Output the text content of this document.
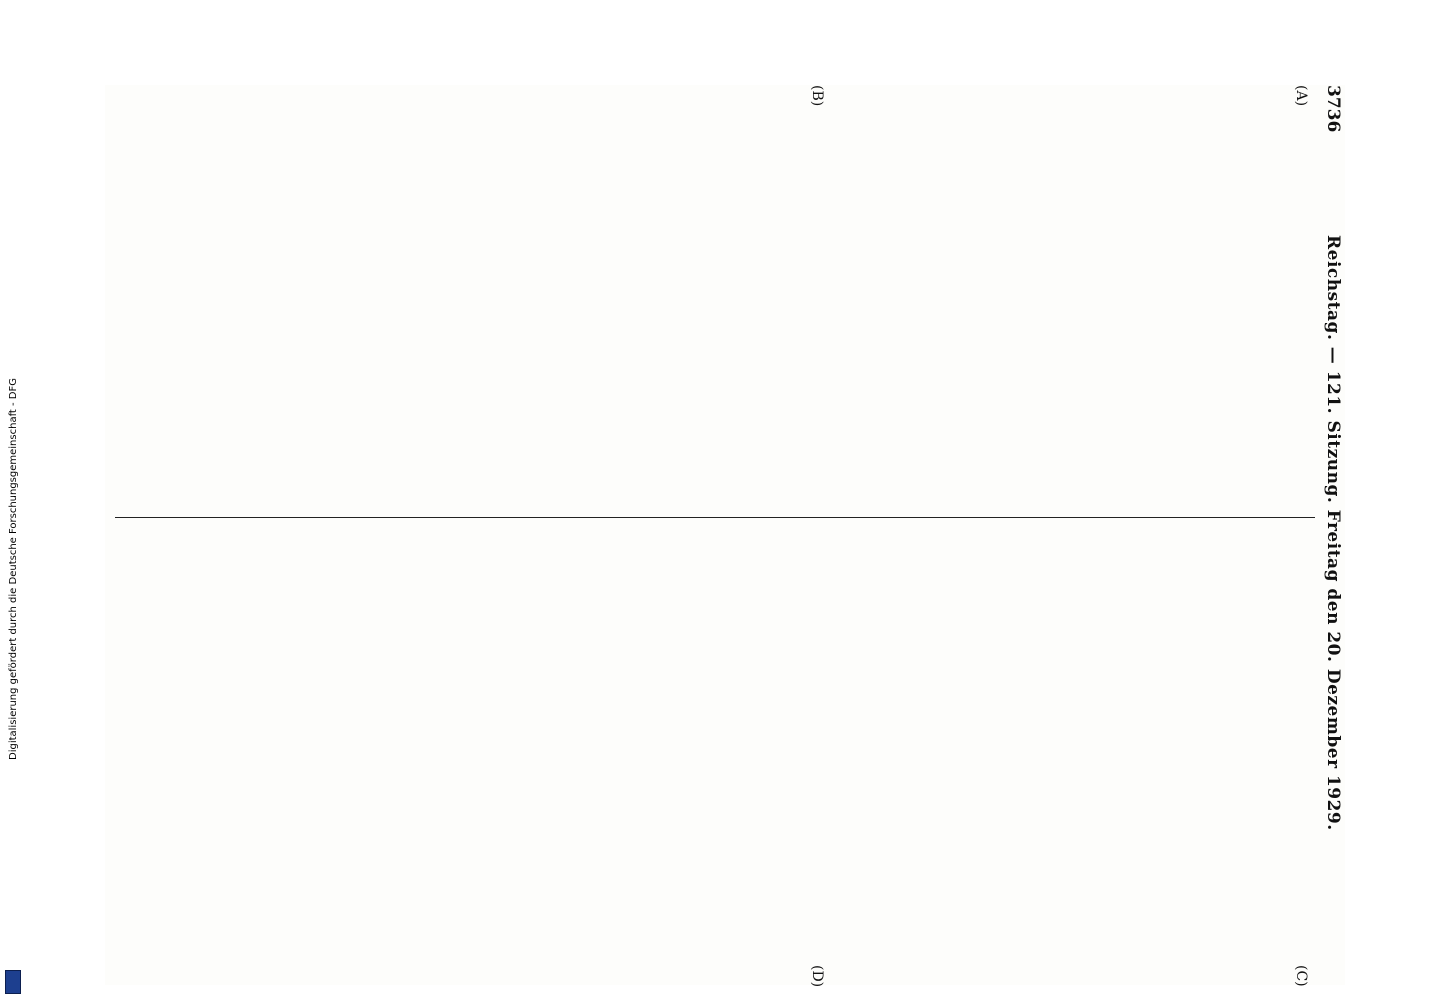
3736
Reichstag. — 121. Sitzung. Freitag den 20. Dezember 1929.
(A)
(B)
(C)
(D)
Digitalisierung gefördert durch die Deutsche Forschungsgemeinschaft - DFG
